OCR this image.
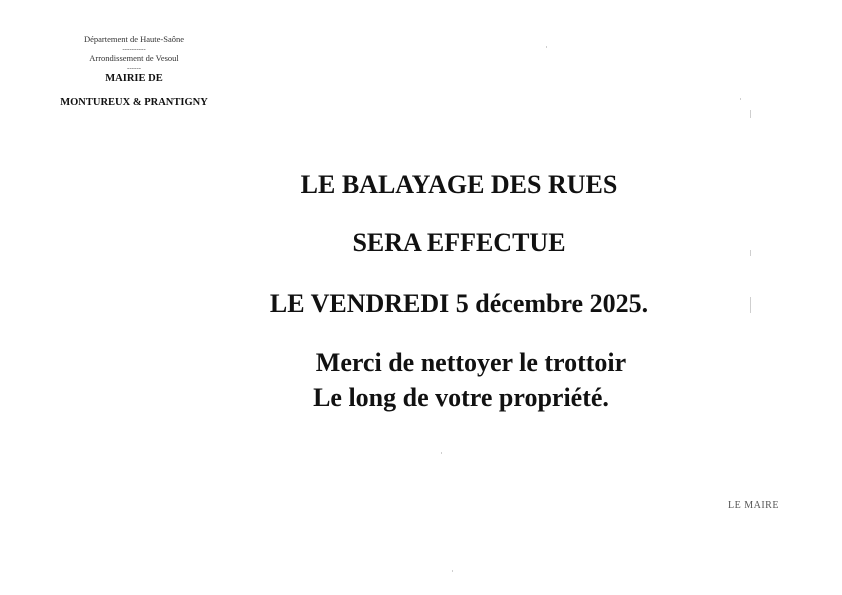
Département de Haute-Saône
----------
Arrondissement de Vesoul
------
MAIRIE DE
MONTUREUX & PRANTIGNY
LE BALAYAGE DES RUES
SERA EFFECTUE
LE VENDREDI 5 décembre 2025.
Merci de nettoyer le trottoir
Le long de votre propriété.
LE MAIRE
